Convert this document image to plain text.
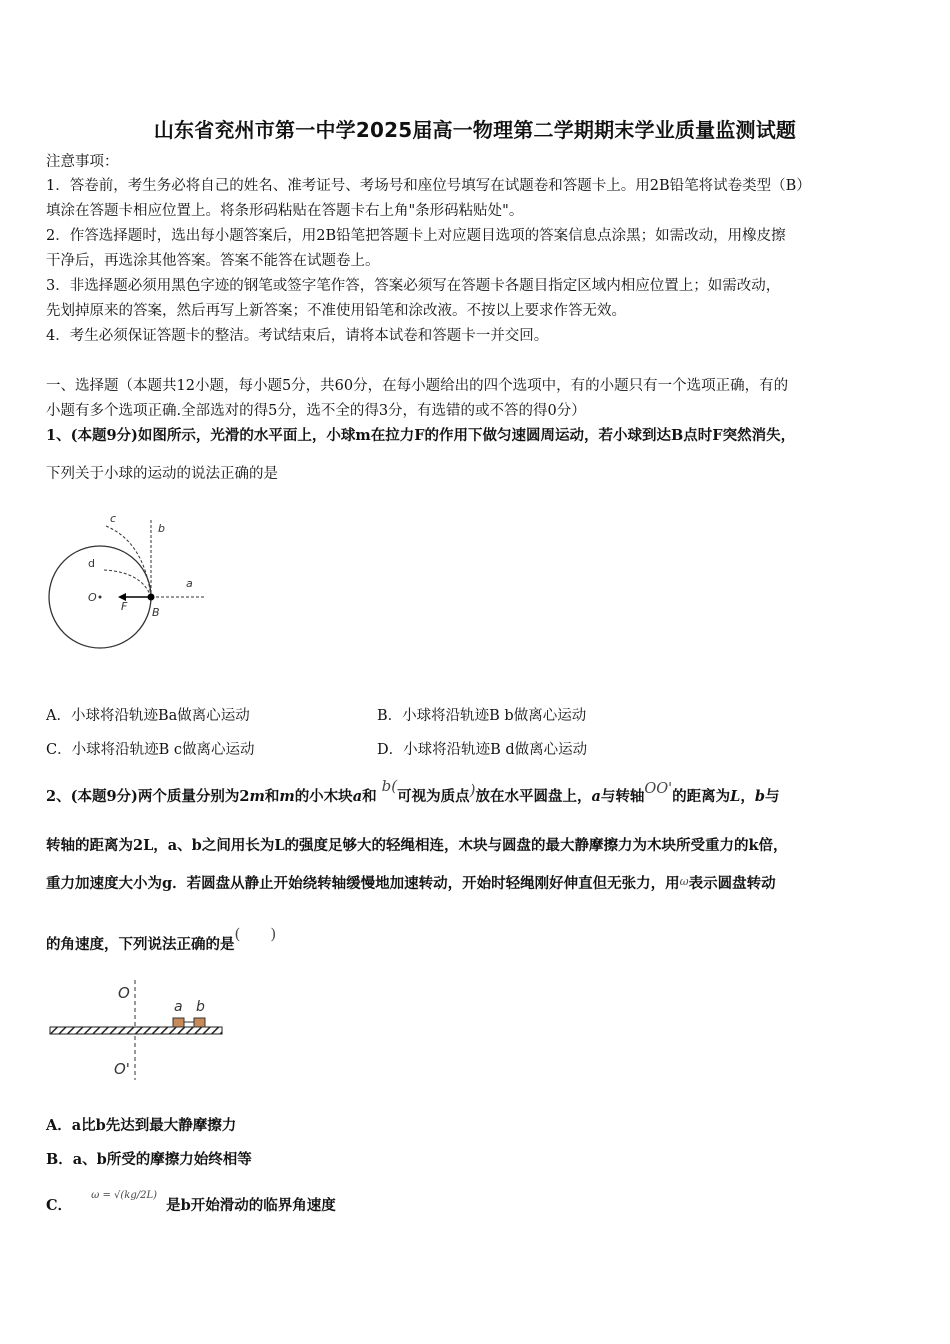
山东省兖州市第一中学2025届高一物理第二学期期末学业质量监测试题
注意事项：
1．答卷前，考生务必将自己的姓名、准考证号、考场号和座位号填写在试题卷和答题卡上。用2B铅笔将试卷类型（B）
填涂在答题卡相应位置上。将条形码粘贴在答题卡右上角"条形码粘贴处"。
2．作答选择题时，选出每小题答案后，用2B铅笔把答题卡上对应题目选项的答案信息点涂黑；如需改动，用橡皮擦
干净后，再选涂其他答案。答案不能答在试题卷上。
3．非选择题必须用黑色字迹的钢笔或签字笔作答，答案必须写在答题卡各题目指定区域内相应位置上；如需改动，
先划掉原来的答案，然后再写上新答案；不准使用铅笔和涂改液。不按以上要求作答无效。
4．考生必须保证答题卡的整洁。考试结束后，请将本试卷和答题卡一并交回。
一、选择题（本题共12小题，每小题5分，共60分，在每小题给出的四个选项中，有的小题只有一个选项正确，有的
小题有多个选项正确.全部选对的得5分，选不全的得3分，有选错的或不答的得0分）
1、(本题9分)如图所示，光滑的水平面上，小球m在拉力F的作用下做匀速圆周运动，若小球到达B点时F突然消失，
下列关于小球的运动的说法正确的是
c
b
d
a
O
F B
A．小球将沿轨迹Ba做离心运动	B．小球将沿轨迹B b做离心运动
C．小球将沿轨迹B c做离心运动	D．小球将沿轨迹B d做离心运动
2、(本题9分)两个质量分别为2m和m的小木块a和 b(可视为质点)放在水平圆盘上，a与转轴OO'的距离为L，b与
转轴的距离为2L，a、b之间用长为L的强度足够大的轻绳相连，木块与圆盘的最大静摩擦力为木块所受重力的k倍，
重力加速度大小为g．若圆盘从静止开始绕转轴缓慢地加速转动，开始时轻绳刚好伸直但无张力，用$^\omega$表示圆盘转动
的角速度，下列说法正确的是(　　)
O
O'
a b
A．a比b先达到最大静摩擦力
B．a、b所受的摩擦力始终相等
C． $^{\omega = √(kg/2L)}$ 是b开始滑动的临界角速度
